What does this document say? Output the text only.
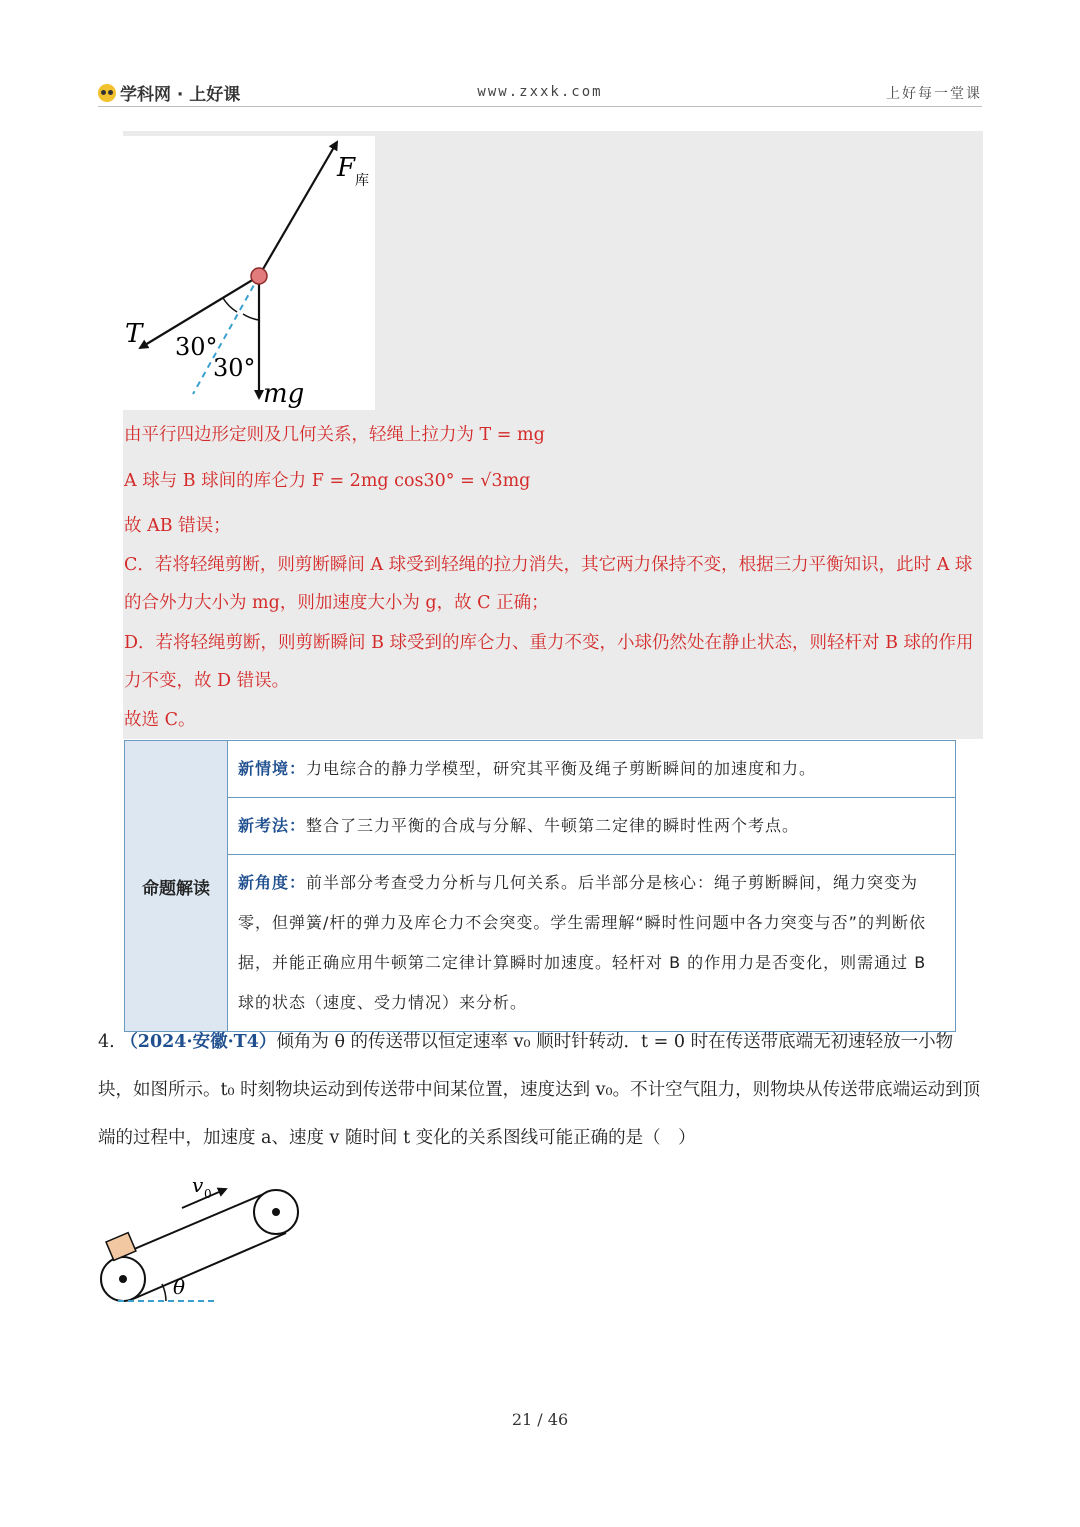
学科网 · 上好课	www.zxxk.com	上好每一堂课
F 库
T 30°
30°
mg
由平行四边形定则及几何关系，轻绳上拉力为 T = mg
A 球与 B 球间的库仑力 F = 2mg cos30° = √3mg
故 AB 错误；
C．若将轻绳剪断，则剪断瞬间 A 球受到轻绳的拉力消失，其它两力保持不变，根据三力平衡知识，此时 A 球的合外力大小为 mg，则加速度大小为 g，故 C 正确；
D．若将轻绳剪断，则剪断瞬间 B 球受到的库仑力、重力不变，小球仍然处在静止状态，则轻杆对 B 球的作用力不变，故 D 错误。
故选 C。
命题解读	新情境：力电综合的静力学模型，研究其平衡及绳子剪断瞬间的加速度和力。
新考法：整合了三力平衡的合成与分解、牛顿第二定律的瞬时性两个考点。
新角度：前半部分考查受力分析与几何关系。后半部分是核心：绳子剪断瞬间，绳力突变为零，但弹簧/杆的弹力及库仑力不会突变。学生需理解“瞬时性问题中各力突变与否”的判断依据，并能正确应用牛顿第二定律计算瞬时加速度。轻杆对 B 的作用力是否变化，则需通过 B 球的状态（速度、受力情况）来分析。
4. （2024·安徽·T4）倾角为 θ 的传送带以恒定速率 v₀ 顺时针转动．t = 0 时在传送带底端无初速轻放一小物块，如图所示。t₀ 时刻物块运动到传送带中间某位置，速度达到 v₀。不计空气阻力，则物块从传送带底端运动到顶端的过程中，加速度 a、速度 v 随时间 t 变化的关系图线可能正确的是（　）
v 0
θ
21 / 46
